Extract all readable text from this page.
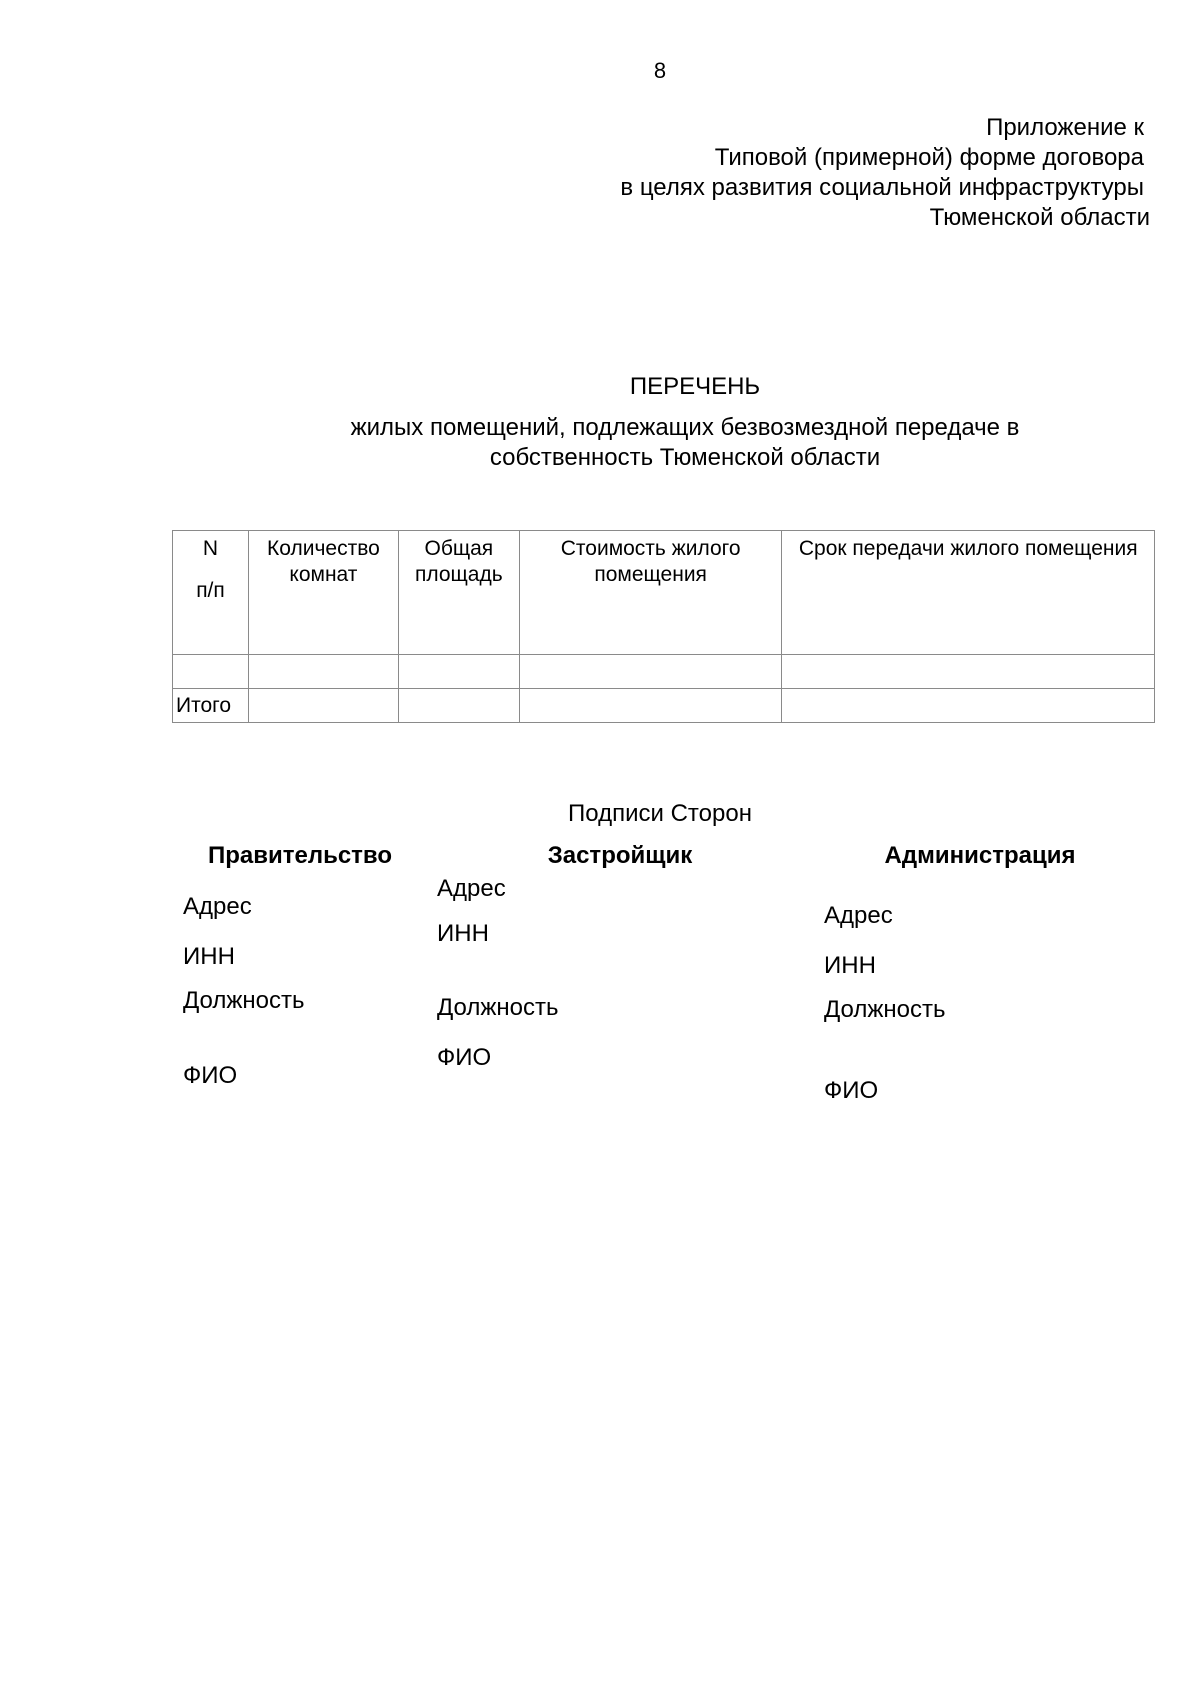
8
Приложение к
Типовой (примерной) форме договора
в целях развития социальной инфраструктуры
Тюменской области
ПЕРЕЧЕНЬ
жилых помещений, подлежащих безвозмездной передаче в
собственность Тюменской области
N
п/п	Количество комнат	Общая площадь	Стоимость жилого помещения	Срок передачи жилого помещения

Итого				
Подписи Сторон
Правительство
Адрес
ИНН
Должность
ФИО
Застройщик
Адрес
ИНН
Должность
ФИО
Администрация
Адрес
ИНН
Должность
ФИО
